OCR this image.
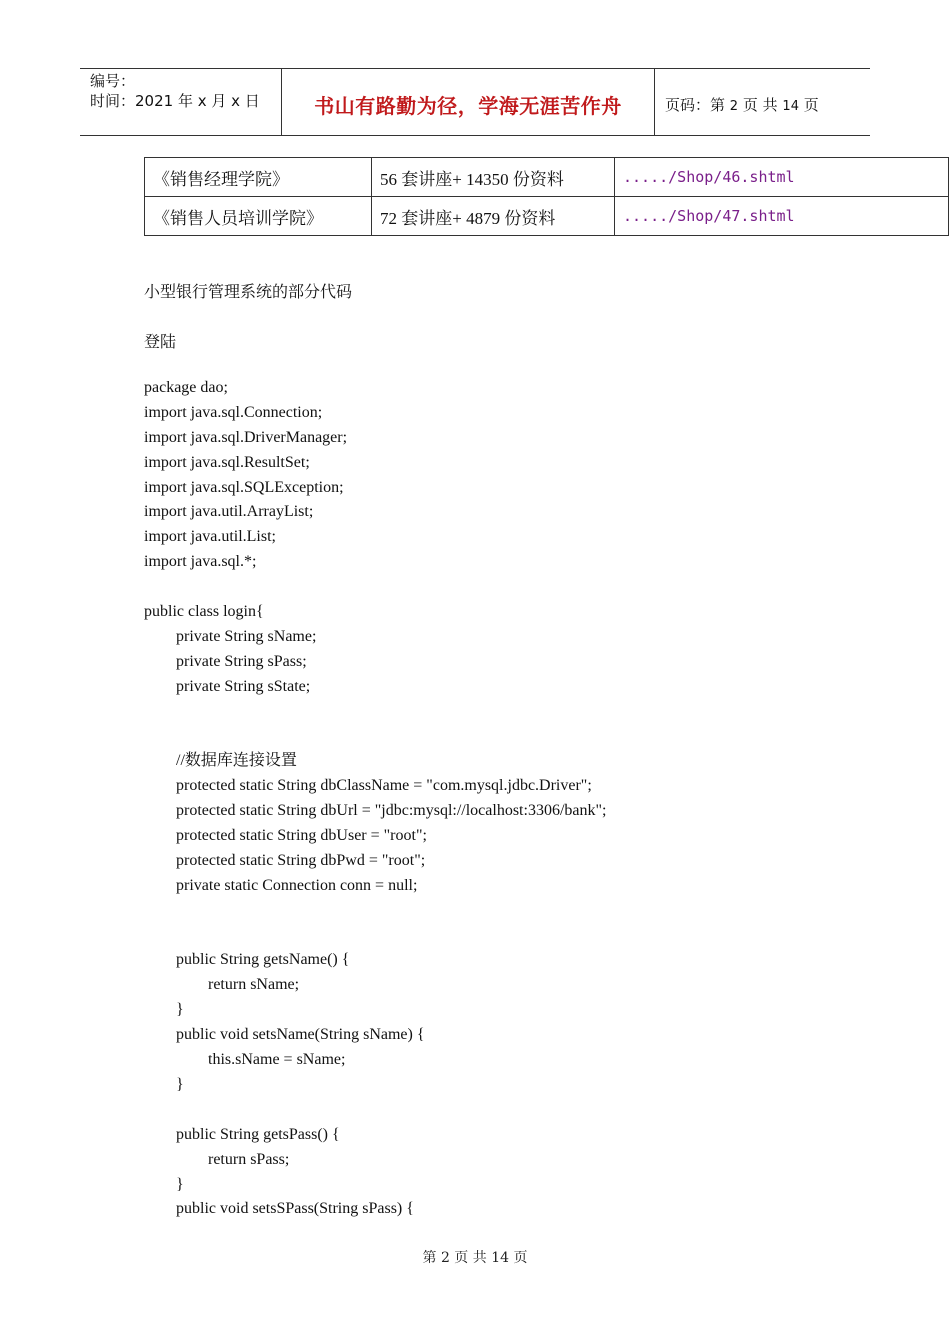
编号：
时间：2021 年 x 月 x 日	书山有路勤为径，学海无涯苦作舟	页码：第 2 页 共 14 页
《销售经理学院》	56 套讲座+ 14350 份资料	...../Shop/46.shtml
《销售人员培训学院》	72 套讲座+ 4879 份资料	...../Shop/47.shtml
小型银行管理系统的部分代码
登陆
package dao;
import java.sql.Connection;
import java.sql.DriverManager;
import java.sql.ResultSet;
import java.sql.SQLException;
import java.util.ArrayList;
import java.util.List;
import java.sql.*;
public class login{
private String sName;
private String sPass;
private String sState;
//数据库连接设置
protected static String dbClassName = "com.mysql.jdbc.Driver";
protected static String dbUrl = "jdbc:mysql://localhost:3306/bank";
protected static String dbUser = "root";
protected static String dbPwd = "root";
private static Connection conn = null;
public String getsName() {
return sName;
}
public void setsName(String sName) {
this.sName = sName;
}
public String getsPass() {
return sPass;
}
public void setsSPass(String sPass) {
第 2 页 共 14 页
